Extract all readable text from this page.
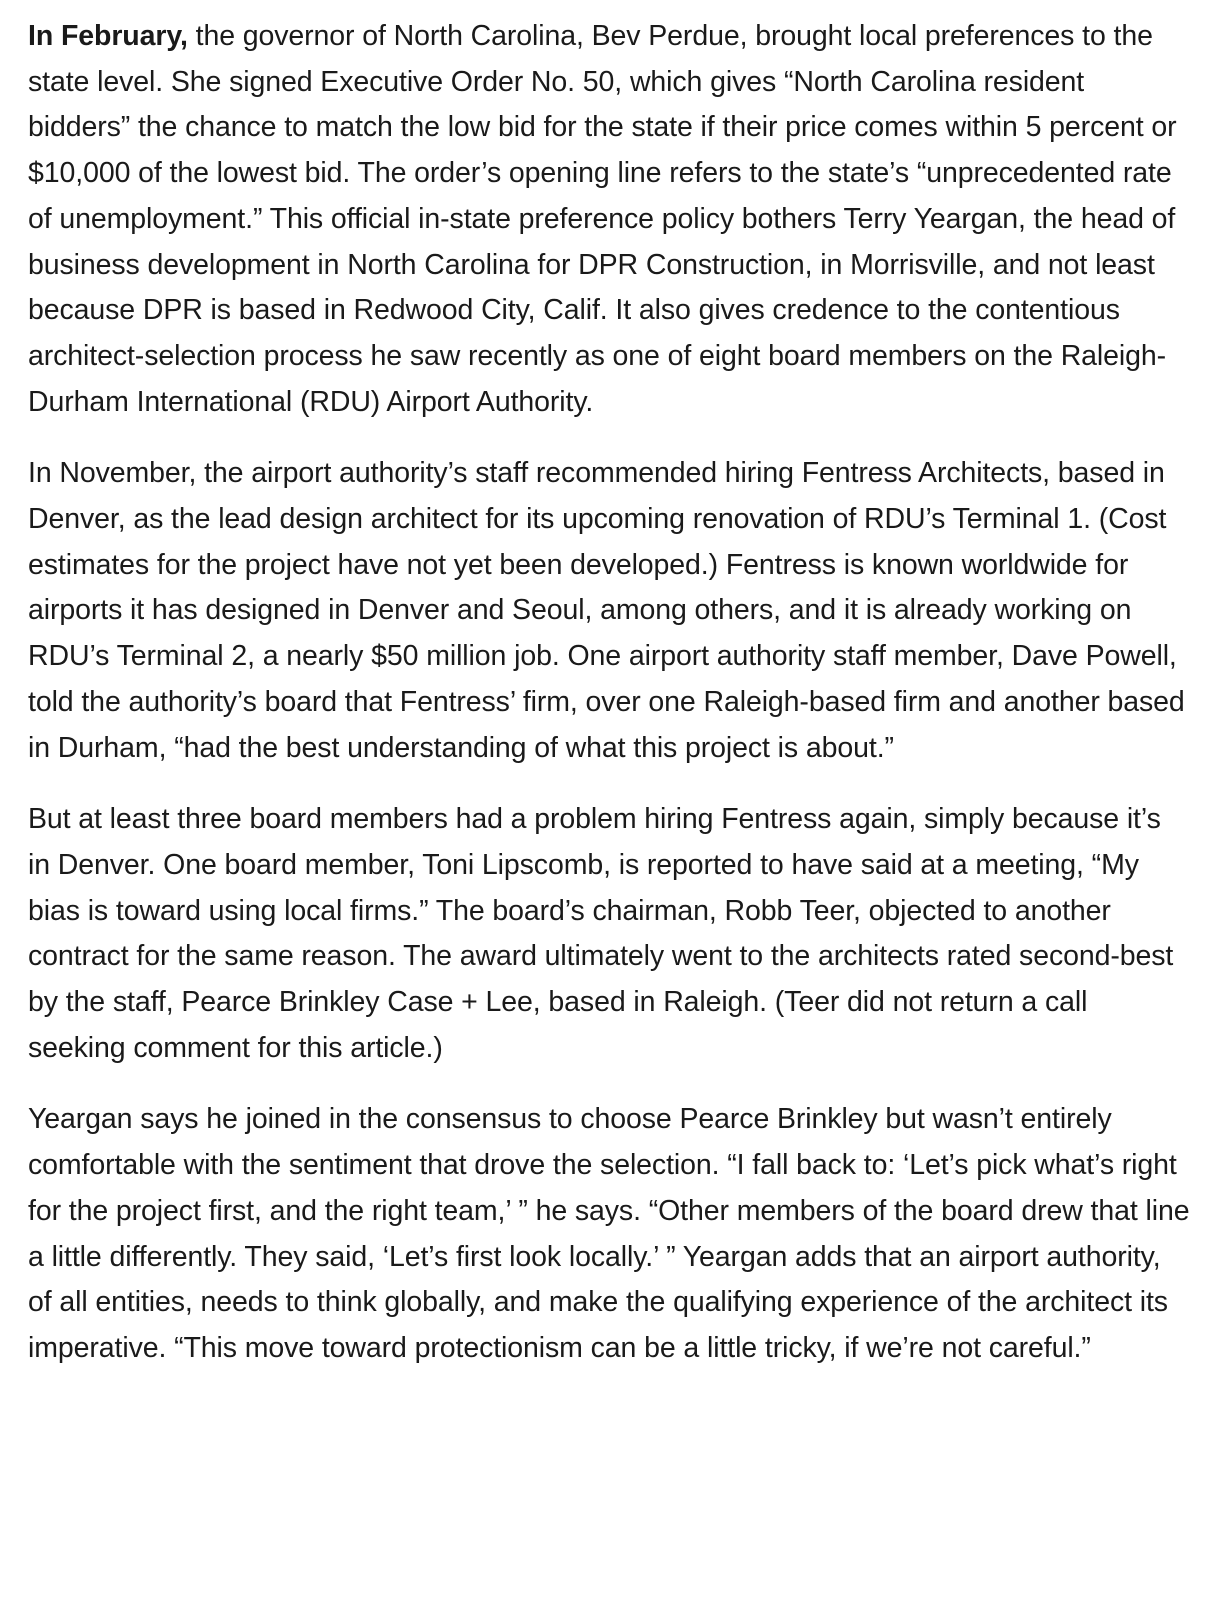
In February, the governor of North Carolina, Bev Perdue, brought local preferences to the state level. She signed Executive Order No. 50, which gives “North Carolina resident bidders” the chance to match the low bid for the state if their price comes within 5 percent or $10,000 of the lowest bid. The order’s opening line refers to the state’s “unprecedented rate of unemployment.” This official in-state preference policy bothers Terry Yeargan, the head of business development in North Carolina for DPR Construction, in Morrisville, and not least because DPR is based in Redwood City, Calif. It also gives credence to the contentious architect-selection process he saw recently as one of eight board members on the Raleigh-Durham International (RDU) Airport Authority.

In November, the airport authority’s staff recommended hiring Fentress Architects, based in Denver, as the lead design architect for its upcoming renovation of RDU’s Terminal 1. (Cost estimates for the project have not yet been developed.) Fentress is known worldwide for airports it has designed in Denver and Seoul, among others, and it is already working on RDU’s Terminal 2, a nearly $50 million job. One airport authority staff member, Dave Powell, told the authority’s board that Fentress’ firm, over one Raleigh-based firm and another based in Durham, “had the best understanding of what this project is about.”

But at least three board members had a problem hiring Fentress again, simply because it’s in Denver. One board member, Toni Lipscomb, is reported to have said at a meeting, “My bias is toward using local firms.” The board’s chairman, Robb Teer, objected to another contract for the same reason. The award ultimately went to the architects rated second-best by the staff, Pearce Brinkley Case + Lee, based in Raleigh. (Teer did not return a call seeking comment for this article.)

Yeargan says he joined in the consensus to choose Pearce Brinkley but wasn’t entirely comfortable with the sentiment that drove the selection. “I fall back to: ‘Let’s pick what’s right for the project first, and the right team,’ ” he says. “Other members of the board drew that line a little differently. They said, ‘Let’s first look locally.’ ” Yeargan adds that an airport authority, of all entities, needs to think globally, and make the qualifying experience of the architect its imperative. “This move toward protectionism can be a little tricky, if we’re not careful.”
